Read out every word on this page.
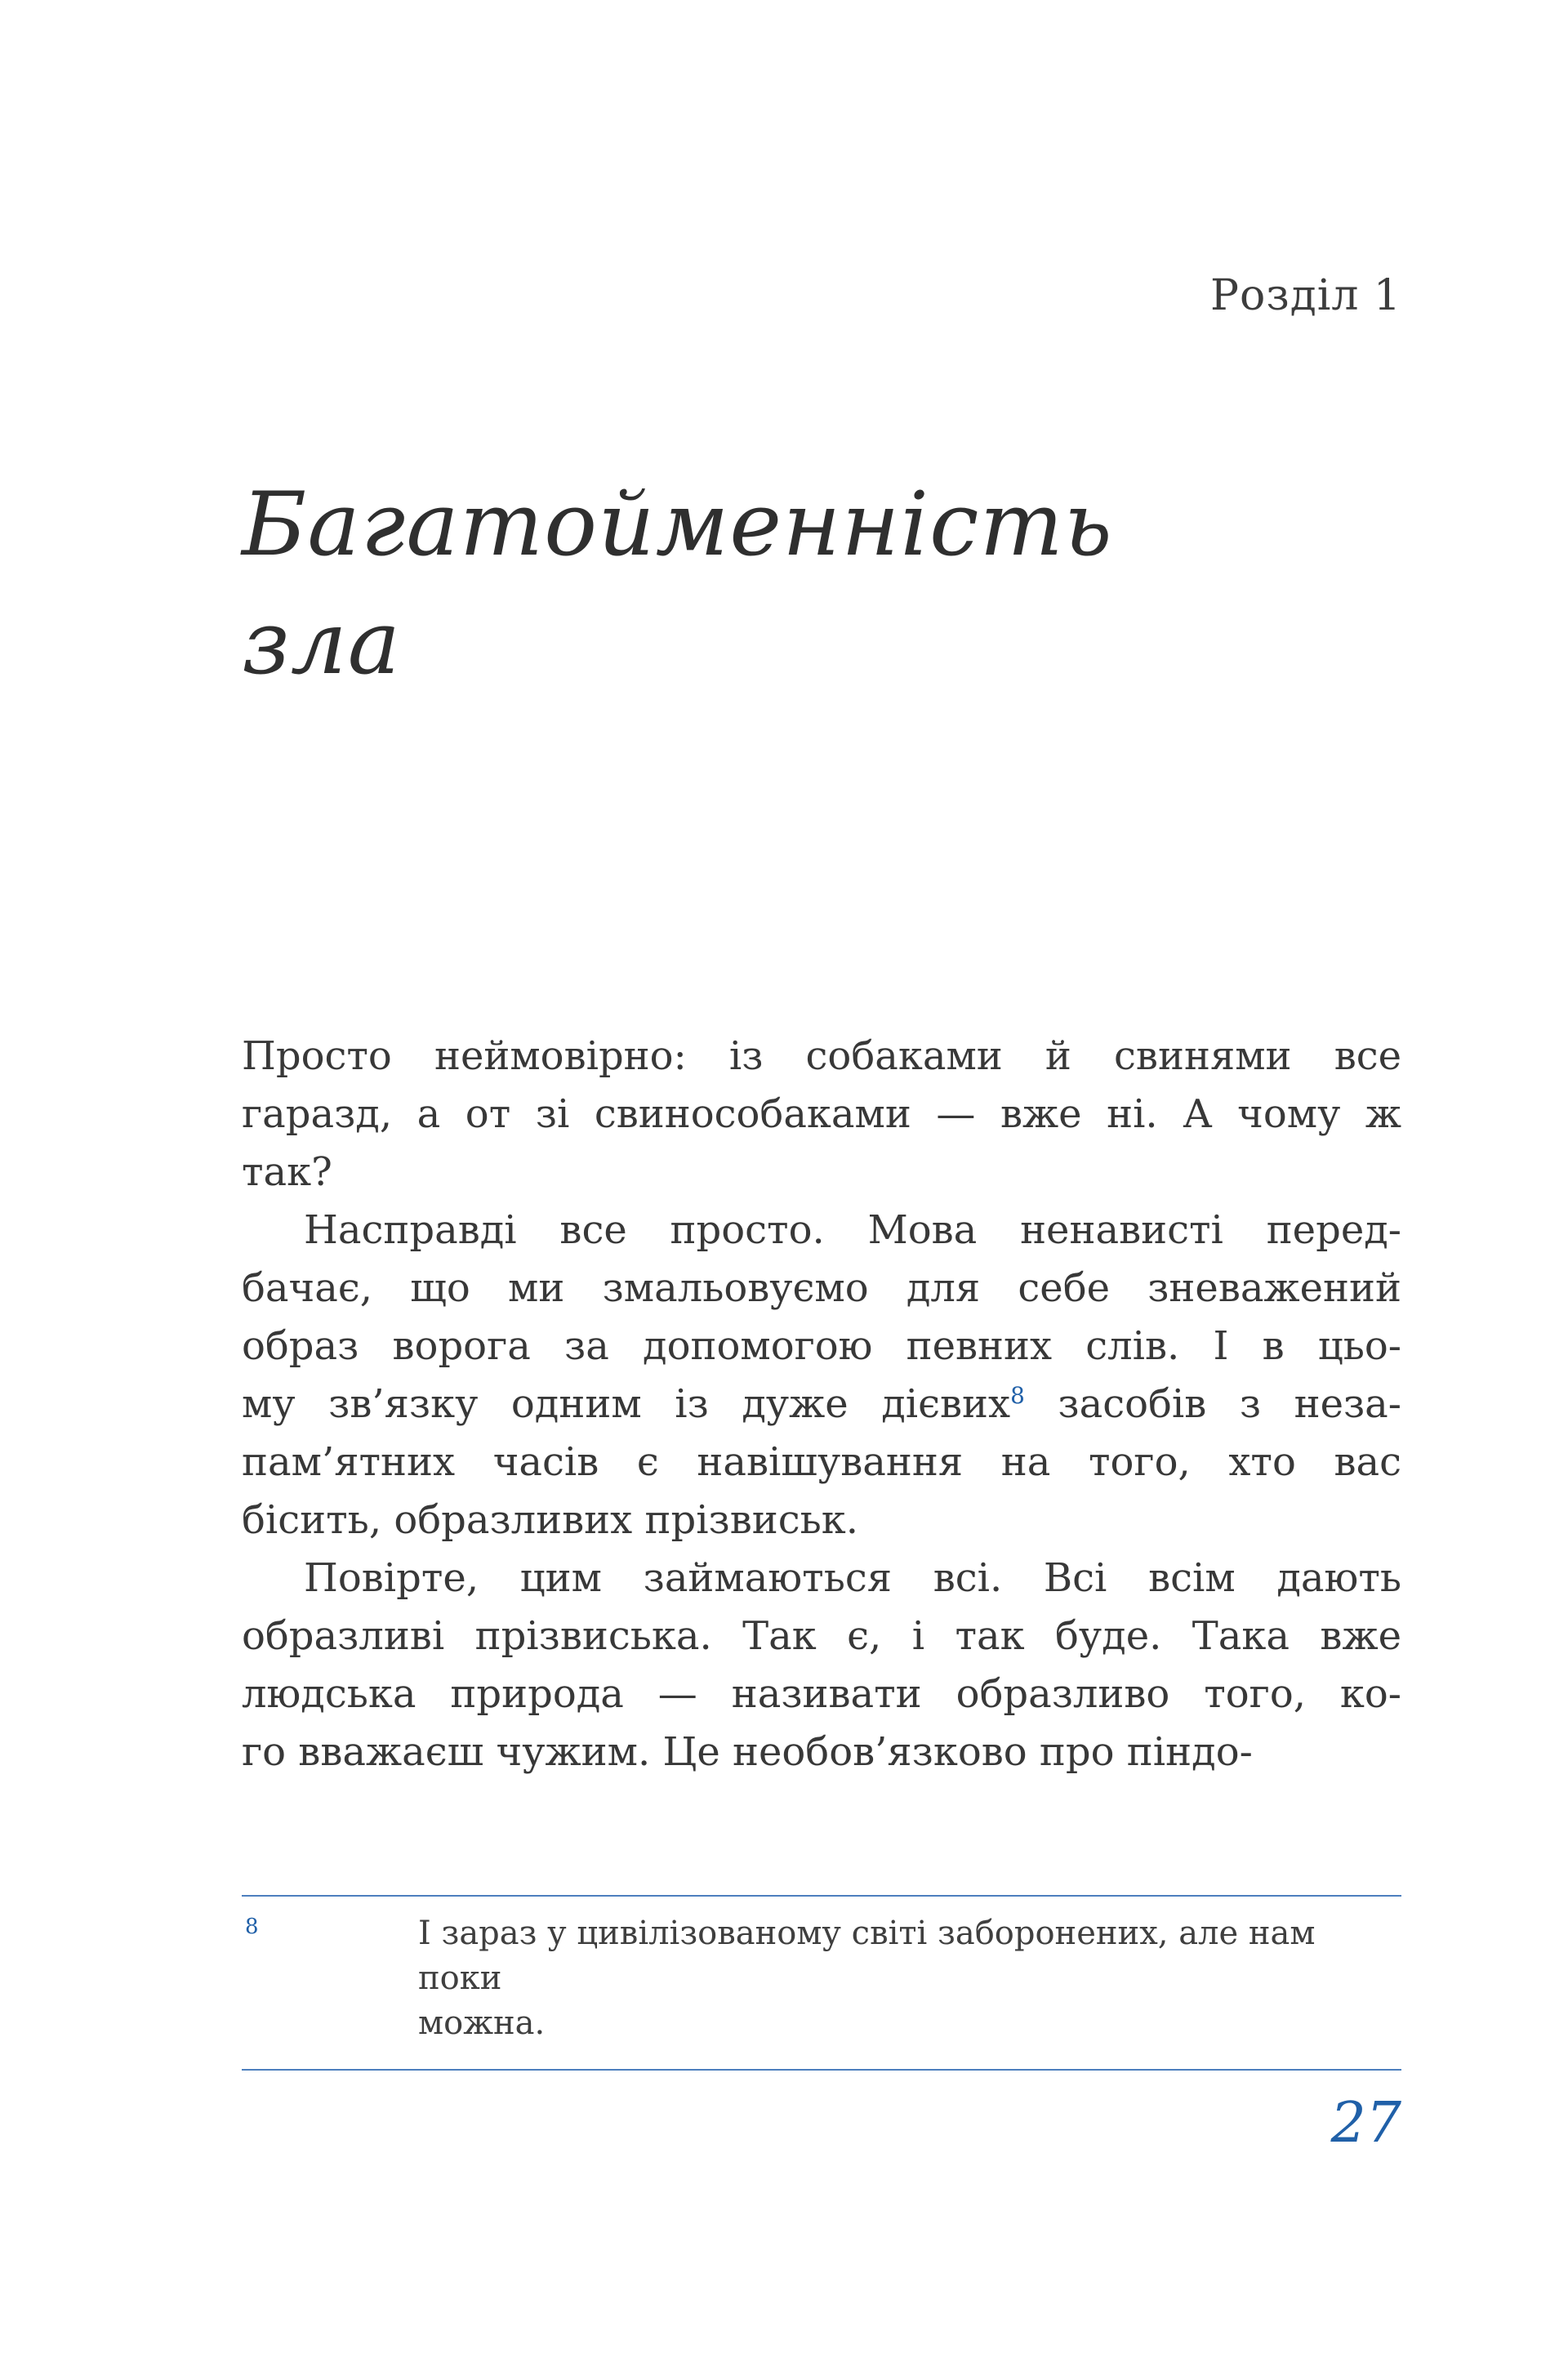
Розділ 1
Багатойменність
зла
Просто неймовірно: із собаками й свинями все
гаразд, а от зі свинособаками — вже ні. А чому ж
так?
Насправді все просто. Мова ненависті перед-
бачає, що ми змальовуємо для себе зневажений
образ ворога за допомогою певних слів. І в цьо-
му зв’язку одним із дуже дієвих$^8$ засобів з неза-
пам’ятних часів є навішування на того, хто вас
бісить, образливих прізвиськ.
Повірте, цим займаються всі. Всі всім дають
образливі прізвиська. Так є, і так буде. Така вже
людська природа — називати образливо того, ко-
го вважаєш чужим. Це необов’язково про піндо-
8	І зараз у цивілізованому світі заборонених, але нам поки
можна.
27
